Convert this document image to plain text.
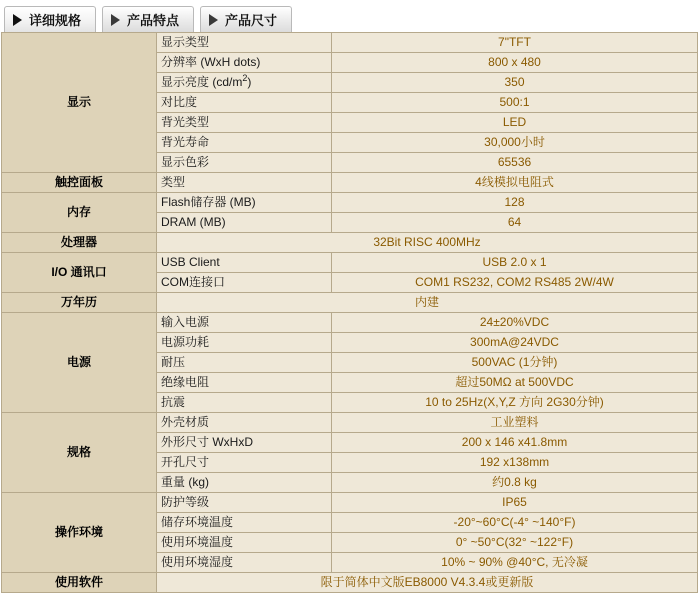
详细规格	产品特点	产品尺寸
显示	显示类型	7"TFT
	分辨率 (WxH dots)	800 x 480
	显示亮度 $(cd/m^2)$	350
	对比度	500:1
	背光类型	LED
	背光寿命	30,000小时
	显示色彩	65536
触控面板	类型	4线模拟电阻式
内存	Flash储存器 (MB)	128
	DRAM (MB)	64
处理器	32Bit RISC 400MHz	
I/O 通讯口	USB Client	USB 2.0 x 1
	COM连接口	COM1 RS232, COM2 RS485 2W/4W
万年历	内建	
电源	输入电源	24±20%VDC
	电源功耗	300mA@24VDC
	耐压	500VAC (1分钟)
	绝缘电阻	超过50MΩ at 500VDC
	抗震	10 to 25Hz(X,Y,Z 方向 2G30分钟)
规格	外壳材质	工业塑料
	外形尺寸 WxHxD	200 x 146 x41.8mm
	开孔尺寸	192 x138mm
	重量 (kg)	约0.8 kg
操作环境	防护等级	IP65
	储存环境温度	-20°~60°C(-4° ~140°F)
	使用环境温度	0° ~50°C(32° ~122°F)
	使用环境湿度	10% ~ 90% @40°C, 无冷凝
使用软件	限于简体中文版EB8000 V4.3.4或更新版	
